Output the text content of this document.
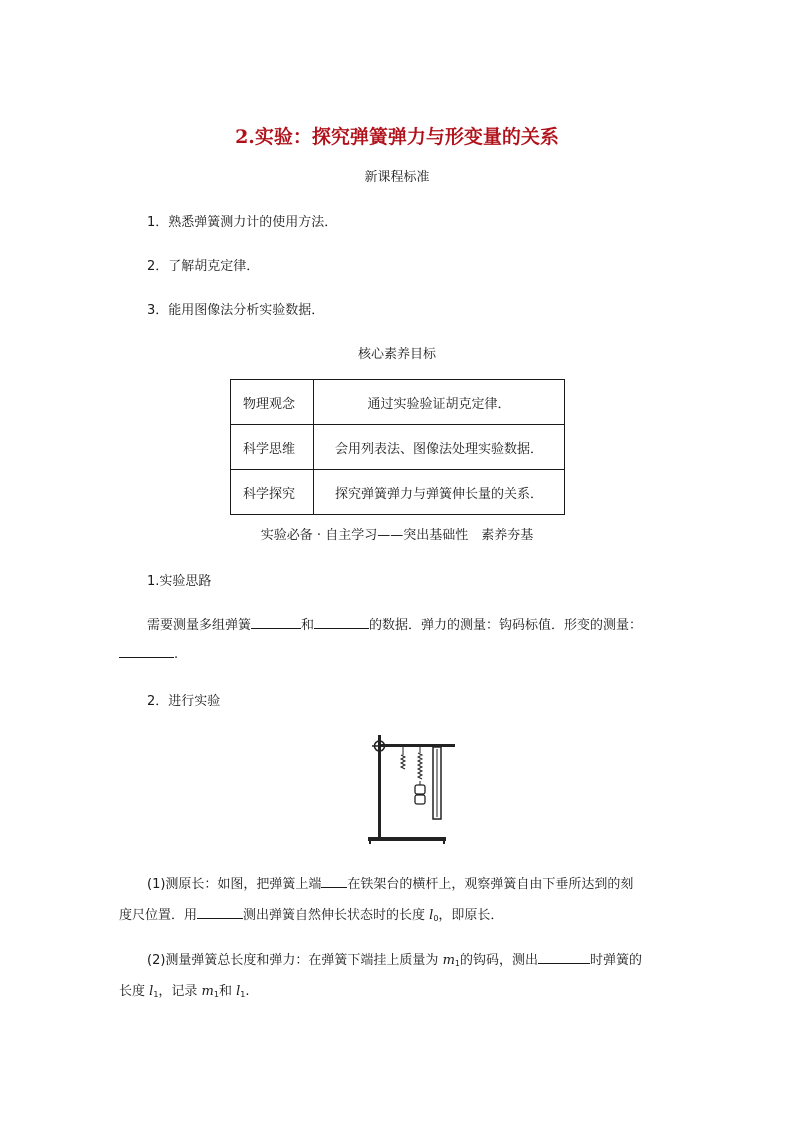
2.实验：探究弹簧弹力与形变量的关系
新课程标准
1．熟悉弹簧测力计的使用方法．
2．了解胡克定律．
3．能用图像法分析实验数据．
核心素养目标
物理观念	通过实验验证胡克定律．
科学思维	会用列表法、图像法处理实验数据．
科学探究	探究弹簧弹力与弹簧伸长量的关系．
实验必备 · 自主学习——突出基础性　素养夯基
1.实验思路
需要测量多组弹簧	和	的数据．弹力的测量：钩码标值．形变的测量：
.
2．进行实验
(1)测原长：如图，把弹簧上端 在铁架台的横杆上，观察弹簧自由下垂所达到的刻
度尺位置．用	测出弹簧自然伸长状态时的长度 $l_0$，即原长．
(2)测量弹簧总长度和弹力：在弹簧下端挂上质量为 $m_1$的钩码，测出	时弹簧的
长度 $l_1$，记录 $m_1$和 $l_1$.
